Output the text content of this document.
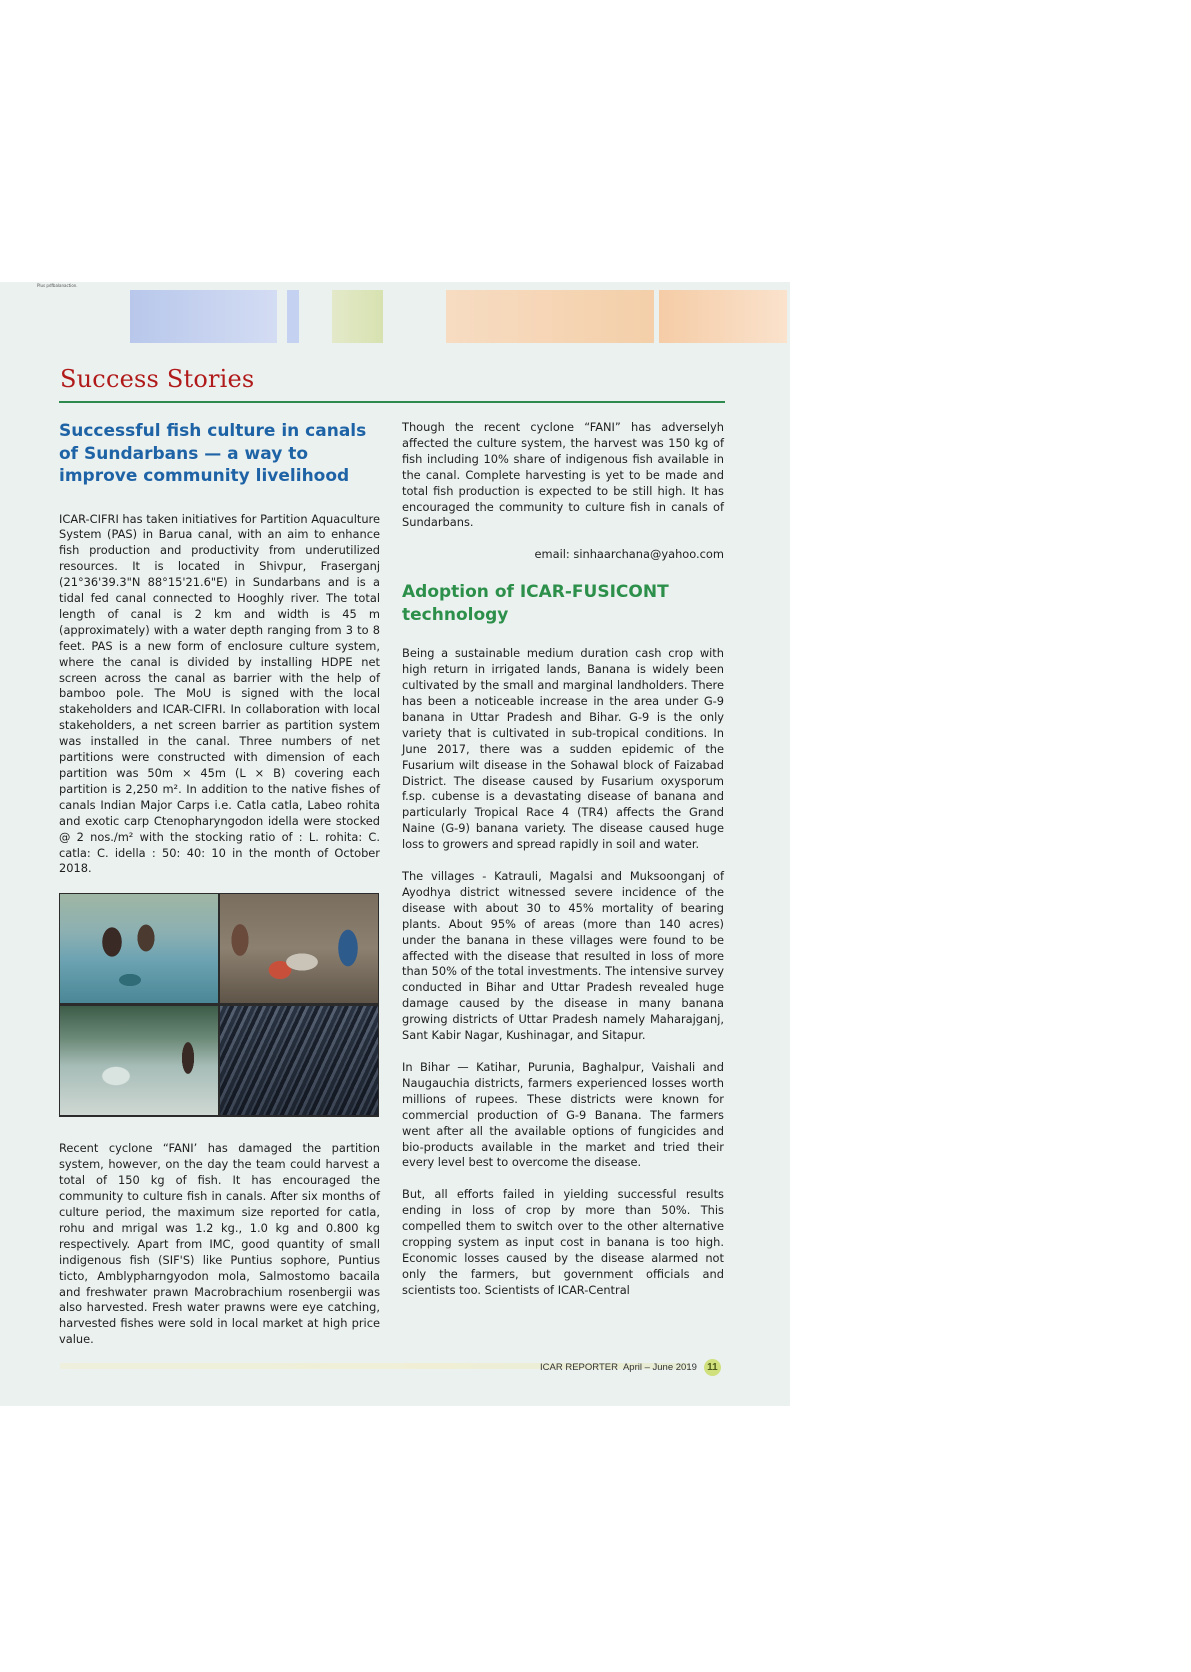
Plus pdfbalanaction.
Success Stories
Successful fish culture in canals of Sundarbans — a way to improve community livelihood

ICAR-CIFRI has taken initiatives for Partition Aquaculture System (PAS) in Barua canal, with an aim to enhance fish production and productivity from underutilized resources. It is located in Shivpur, Fraserganj (21°36'39.3"N 88°15'21.6"E) in Sundarbans and is a tidal fed canal connected to Hooghly river. The total length of canal is 2 km and width is 45 m (approximately) with a water depth ranging from 3 to 8 feet. PAS is a new form of enclosure culture system, where the canal is divided by installing HDPE net screen across the canal as barrier with the help of bamboo pole. The MoU is signed with the local stakeholders and ICAR-CIFRI. In collaboration with local stakeholders, a net screen barrier as partition system was installed in the canal. Three numbers of net partitions were constructed with dimension of each partition was 50m × 45m (L × B) covering each partition is 2,250 m². In addition to the native fishes of canals Indian Major Carps i.e. Catla catla, Labeo rohita and exotic carp Ctenopharyngodon idella were stocked @ 2 nos./m² with the stocking ratio of : L. rohita: C. catla: C. idella : 50: 40: 10 in the month of October 2018.

Recent cyclone “FANI’ has damaged the partition system, however, on the day the team could harvest a total of 150 kg of fish. It has encouraged the community to culture fish in canals. After six months of culture period, the maximum size reported for catla, rohu and mrigal was 1.2 kg., 1.0 kg and 0.800 kg respectively. Apart from IMC, good quantity of small indigenous fish (SIF'S) like Puntius sophore, Puntius ticto, Amblypharngyodon mola, Salmostomo bacaila and freshwater prawn Macrobrachium rosenbergii was also harvested. Fresh water prawns were eye catching, harvested fishes were sold in local market at high price value.

Though the recent cyclone “FANI” has adverselyh affected the culture system, the harvest was 150 kg of fish including 10% share of indigenous fish available in the canal. Complete harvesting is yet to be made and total fish production is expected to be still high. It has encouraged the community to culture fish in canals of Sundarbans.

email: sinhaarchana@yahoo.com

Adoption of ICAR-FUSICONT technology

Being a sustainable medium duration cash crop with high return in irrigated lands, Banana is widely been cultivated by the small and marginal landholders. There has been a noticeable increase in the area under G-9 banana in Uttar Pradesh and Bihar. G-9 is the only variety that is cultivated in sub-tropical conditions. In June 2017, there was a sudden epidemic of the Fusarium wilt disease in the Sohawal block of Faizabad District. The disease caused by Fusarium oxysporum f.sp. cubense is a devastating disease of banana and particularly Tropical Race 4 (TR4) affects the Grand Naine (G-9) banana variety. The disease caused huge loss to growers and spread rapidly in soil and water.

The villages - Katrauli, Magalsi and Muksoonganj of Ayodhya district witnessed severe incidence of the disease with about 30 to 45% mortality of bearing plants. About 95% of areas (more than 140 acres) under the banana in these villages were found to be affected with the disease that resulted in loss of more than 50% of the total investments. The intensive survey conducted in Bihar and Uttar Pradesh revealed huge damage caused by the disease in many banana growing districts of Uttar Pradesh namely Maharajganj, Sant Kabir Nagar, Kushinagar, and Sitapur.

In Bihar — Katihar, Purunia, Baghalpur, Vaishali and Naugauchia districts, farmers experienced losses worth millions of rupees. These districts were known for commercial production of G-9 Banana. The farmers went after all the available options of fungicides and bio-products available in the market and tried their every level best to overcome the disease.

But, all efforts failed in yielding successful results ending in loss of crop by more than 50%. This compelled them to switch over to the other alternative cropping system as input cost in banana is too high. Economic losses caused by the disease alarmed not only the farmers, but government officials and scientists too. Scientists of ICAR-Central

ICAR REPORTER April – June 2019	11
